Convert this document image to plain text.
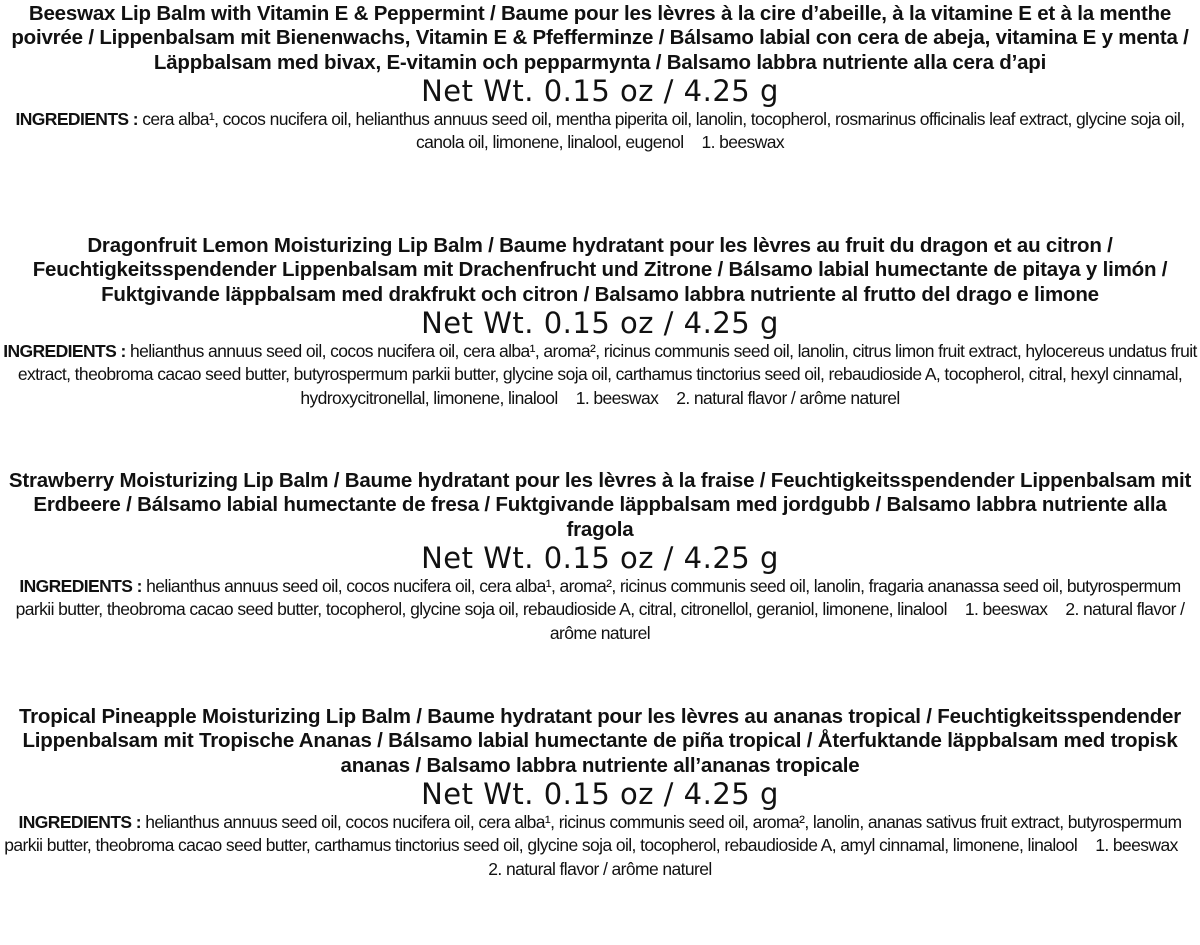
Beeswax Lip Balm with Vitamin E & Peppermint / Baume pour les lèvres à la cire d’abeille, à la vitamine E et à la menthe poivrée / Lippenbalsam mit Bienenwachs, Vitamin E & Pfefferminze / Bálsamo labial con cera de abeja, vitamina E y menta / Läppbalsam med bivax, E-vitamin och pepparmynta / Balsamo labbra nutriente alla cera d’api
Net Wt. 0.15 oz / 4.25 g

INGREDIENTS : cera alba¹, cocos nucifera oil, helianthus annuus seed oil, mentha piperita oil, lanolin, tocopherol, rosmarinus officinalis leaf extract, glycine soja oil, canola oil, limonene, linalool, eugenol 1. beeswax

Dragonfruit Lemon Moisturizing Lip Balm / Baume hydratant pour les lèvres au fruit du dragon et au citron / Feuchtigkeitsspendender Lippenbalsam mit Drachenfrucht und Zitrone / Bálsamo labial humectante de pitaya y limón / Fuktgivande läppbalsam med drakfrukt och citron / Balsamo labbra nutriente al frutto del drago e limone
Net Wt. 0.15 oz / 4.25 g

INGREDIENTS : helianthus annuus seed oil, cocos nucifera oil, cera alba¹, aroma², ricinus communis seed oil, lanolin, citrus limon fruit extract, hylocereus undatus fruit extract, theobroma cacao seed butter, butyrospermum parkii butter, glycine soja oil, carthamus tinctorius seed oil, rebaudioside A, tocopherol, citral, hexyl cinnamal, hydroxycitronellal, limonene, linalool 1. beeswax 2. natural flavor / arôme naturel

Strawberry Moisturizing Lip Balm / Baume hydratant pour les lèvres à la fraise / Feuchtigkeitsspendender Lippenbalsam mit Erdbeere / Bálsamo labial humectante de fresa / Fuktgivande läppbalsam med jordgubb / Balsamo labbra nutriente alla fragola
Net Wt. 0.15 oz / 4.25 g

INGREDIENTS : helianthus annuus seed oil, cocos nucifera oil, cera alba¹, aroma², ricinus communis seed oil, lanolin, fragaria ananassa seed oil, butyrospermum parkii butter, theobroma cacao seed butter, tocopherol, glycine soja oil, rebaudioside A, citral, citronellol, geraniol, limonene, linalool 1. beeswax 2. natural flavor / arôme naturel

Tropical Pineapple Moisturizing Lip Balm / Baume hydratant pour les lèvres au ananas tropical / Feuchtigkeitsspendender Lippenbalsam mit Tropische Ananas / Bálsamo labial humectante de piña tropical / Återfuktande läppbalsam med tropisk ananas / Balsamo labbra nutriente all’ananas tropicale
Net Wt. 0.15 oz / 4.25 g

INGREDIENTS : helianthus annuus seed oil, cocos nucifera oil, cera alba¹, ricinus communis seed oil, aroma², lanolin, ananas sativus fruit extract, butyrospermum parkii butter, theobroma cacao seed butter, carthamus tinctorius seed oil, glycine soja oil, tocopherol, rebaudioside A, amyl cinnamal, limonene, linalool 1. beeswax2. natural flavor / arôme naturel
